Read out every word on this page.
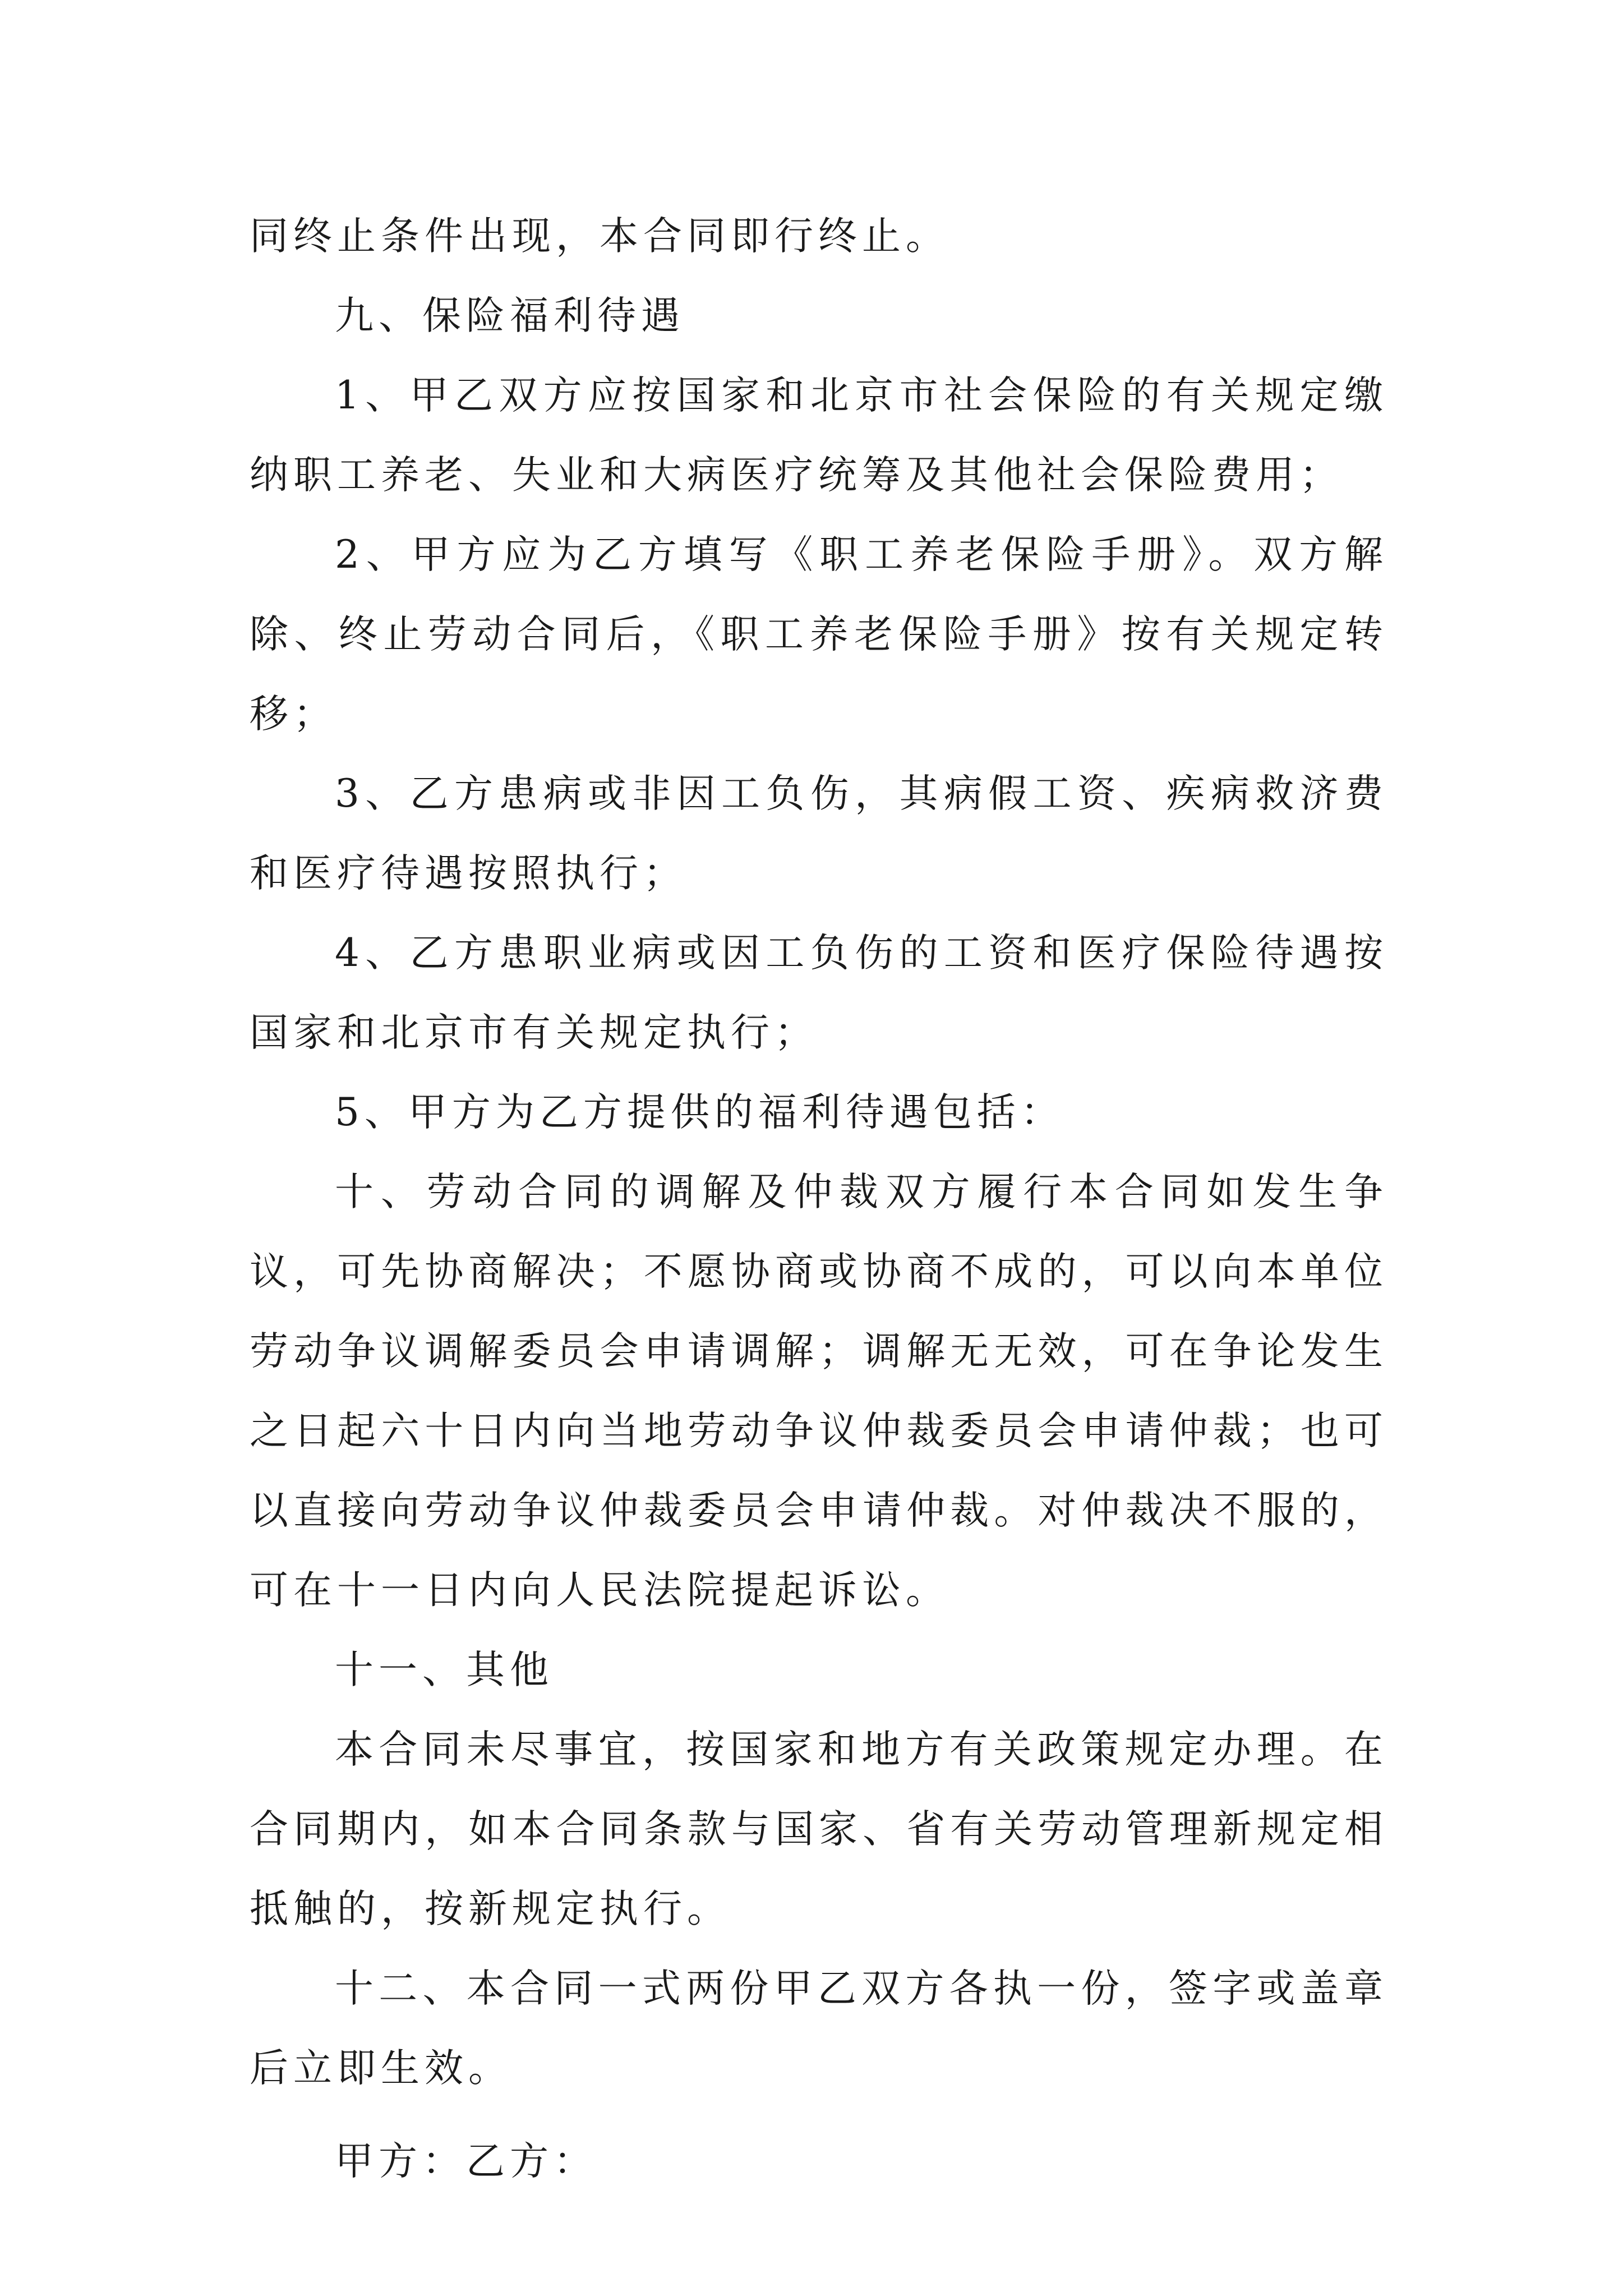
同终止条件出现，本合同即行终止。

九、保险福利待遇

1、甲乙双方应按国家和北京市社会保险的有关规定缴纳职工养老、失业和大病医疗统筹及其他社会保险费用；

2、甲方应为乙方填写《职工养老保险手册》。双方解除、终止劳动合同后，《职工养老保险手册》按有关规定转移；

3、乙方患病或非因工负伤，其病假工资、疾病救济费和医疗待遇按照执行；

4、乙方患职业病或因工负伤的工资和医疗保险待遇按国家和北京市有关规定执行；

5、甲方为乙方提供的福利待遇包括：

十、劳动合同的调解及仲裁双方履行本合同如发生争议，可先协商解决；不愿协商或协商不成的，可以向本单位劳动争议调解委员会申请调解；调解无无效，可在争论发生之日起六十日内向当地劳动争议仲裁委员会申请仲裁；也可以直接向劳动争议仲裁委员会申请仲裁。对仲裁决不服的，可在十一日内向人民法院提起诉讼。

十一、其他

本合同未尽事宜，按国家和地方有关政策规定办理。在合同期内，如本合同条款与国家、省有关劳动管理新规定相抵触的，按新规定执行。

十二、本合同一式两份甲乙双方各执一份，签字或盖章后立即生效。

甲方：乙方：
